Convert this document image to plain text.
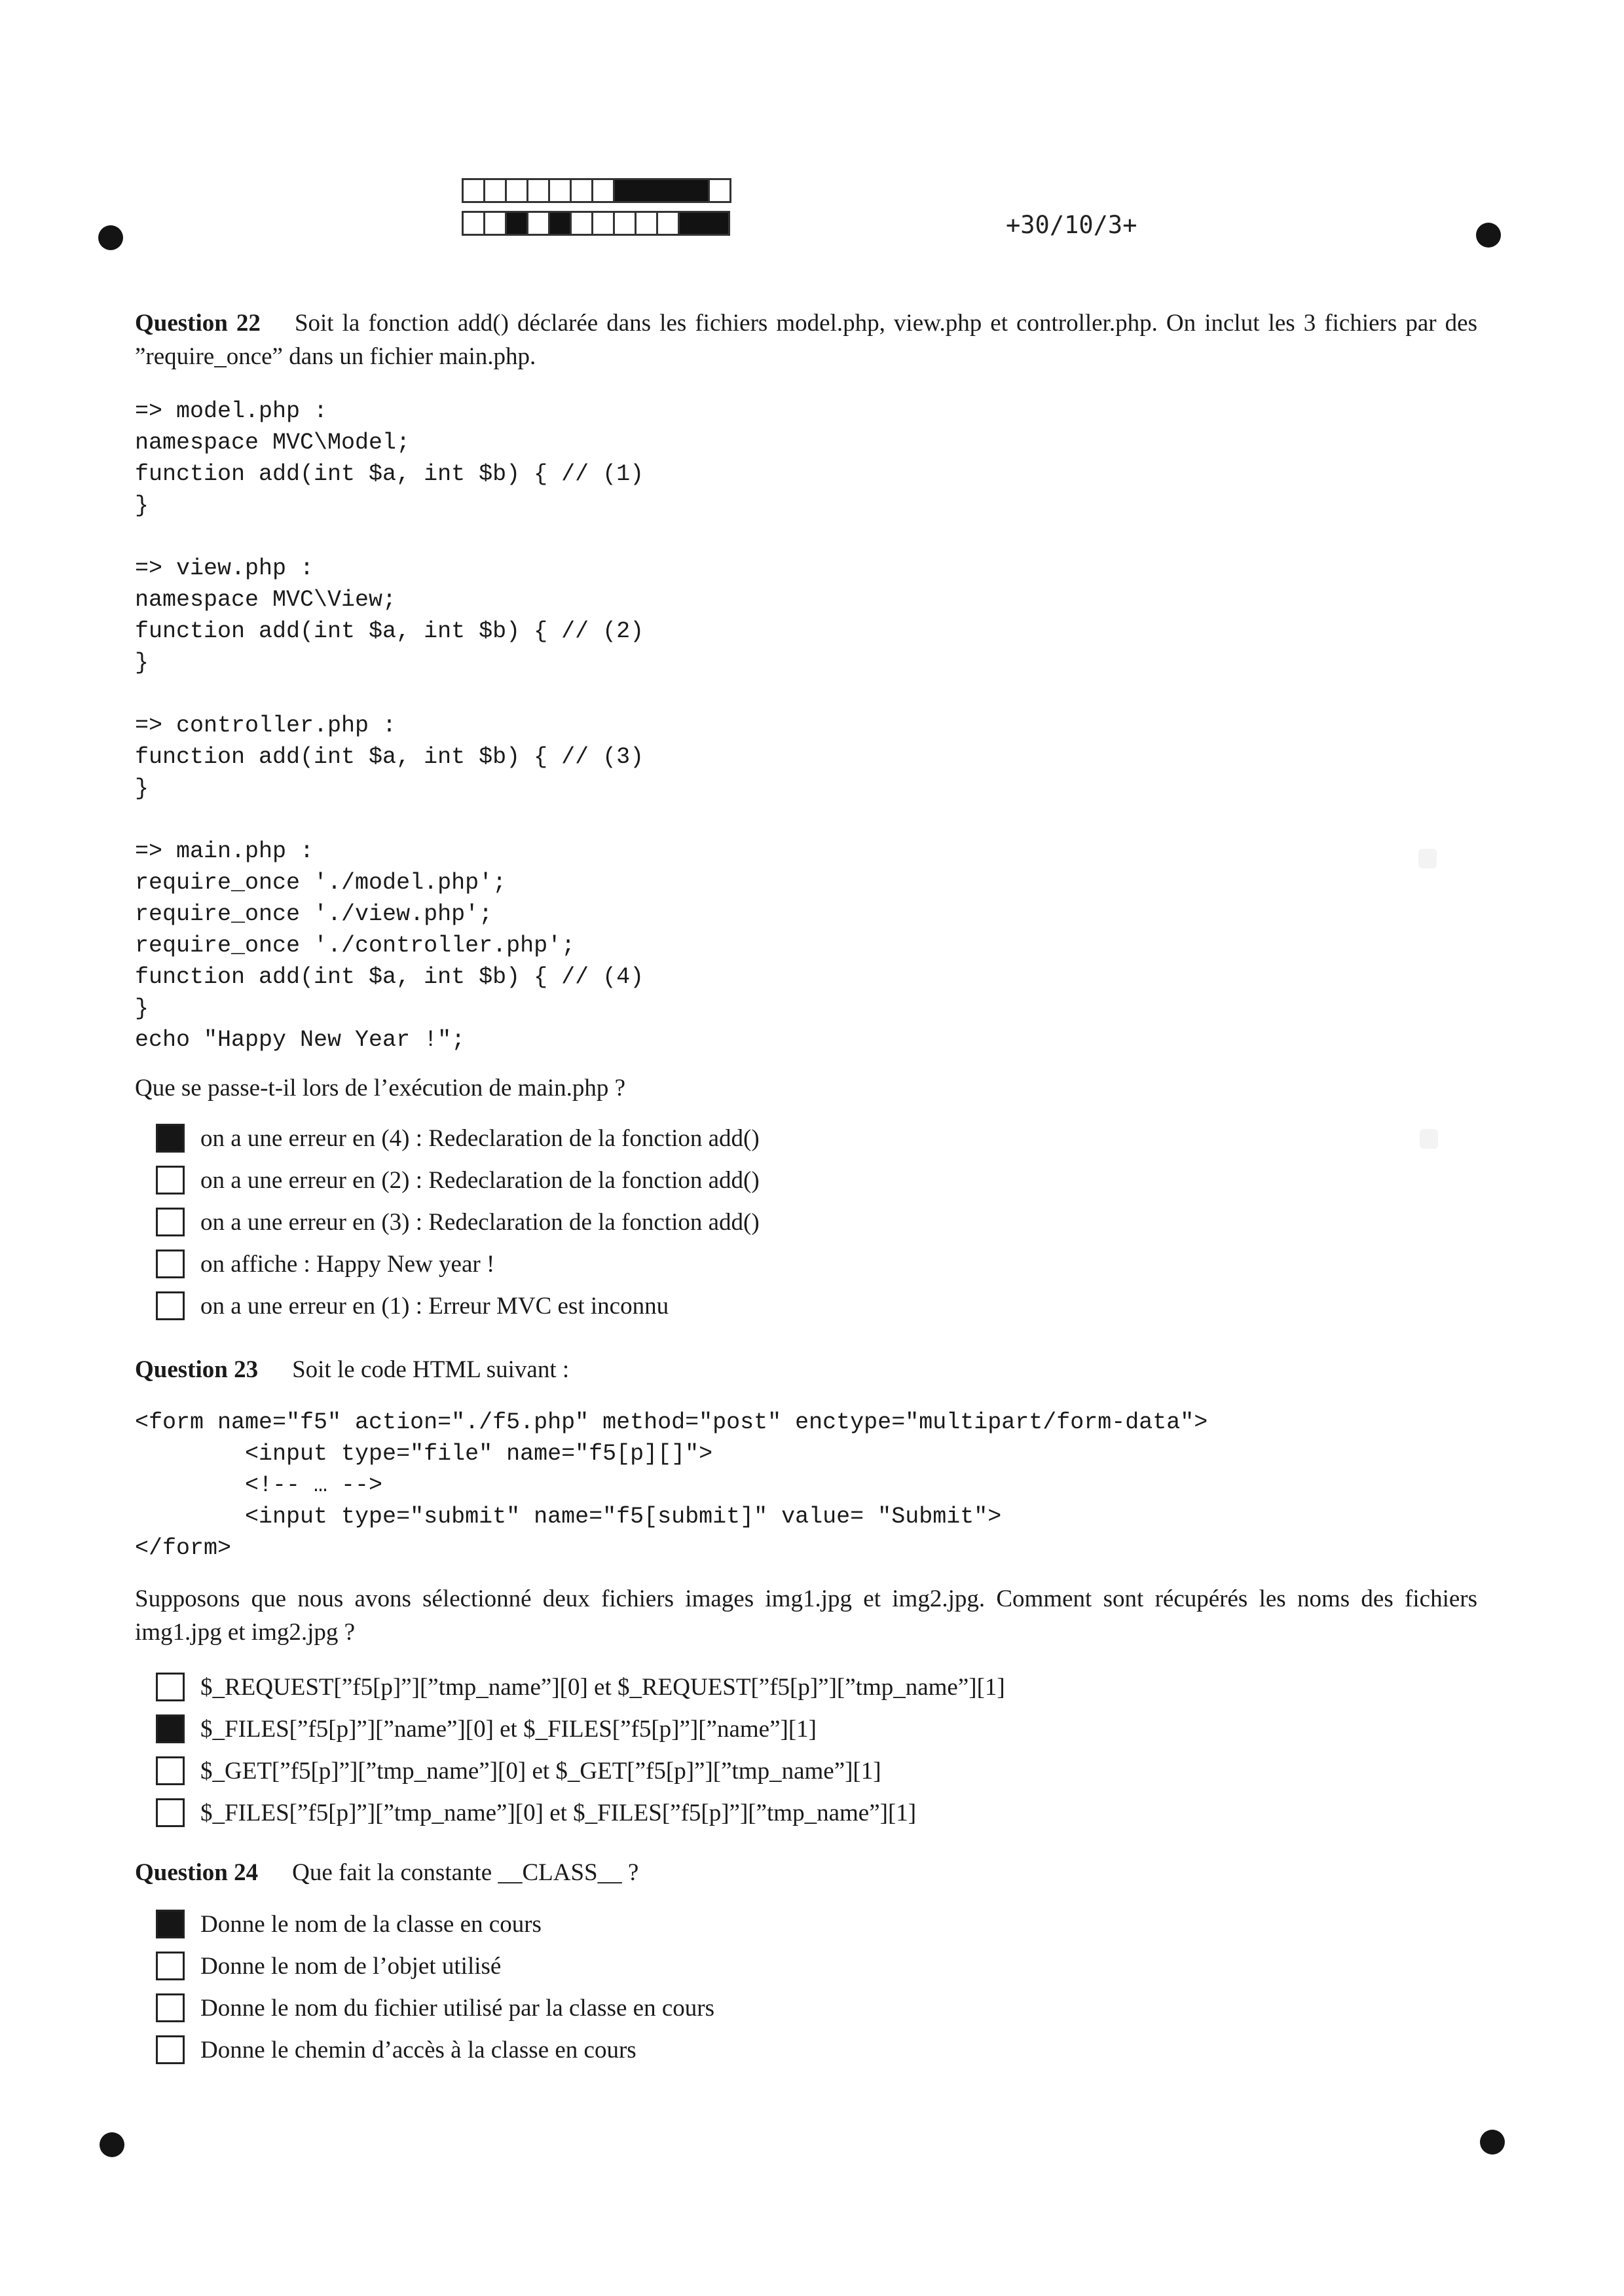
+30/10/3+
Question 22 Soit la fonction add() déclarée dans les fichiers model.php, view.php et controller.php. On inclut les 3 fichiers par des ”require_once” dans un fichier main.php.
=> model.php :
namespace MVC\Model;
function add(int $a, int $b) { // (1)
}

=> view.php :
namespace MVC\View;
function add(int $a, int $b) { // (2)
}

=> controller.php :
function add(int $a, int $b) { // (3)
}

=> main.php :
require_once './model.php';
require_once './view.php';
require_once './controller.php';
function add(int $a, int $b) { // (4)
}
echo "Happy New Year !";
Que se passe-t-il lors de l’exécution de main.php ?
on a une erreur en (4) : Redeclaration de la fonction add()
on a une erreur en (2) : Redeclaration de la fonction add()
on a une erreur en (3) : Redeclaration de la fonction add()
on affiche : Happy New year !
on a une erreur en (1) : Erreur MVC est inconnu
Question 23 Soit le code HTML suivant :
<form name="f5" action="./f5.php" method="post" enctype="multipart/form-data">
<input type="file" name="f5[p][]">
<!-- … -->
<input type="submit" name="f5[submit]" value= "Submit">
</form>
Supposons que nous avons sélectionné deux fichiers images img1.jpg et img2.jpg. Comment sont récupérés les noms des fichiers img1.jpg et img2.jpg ?
$_REQUEST[”f5[p]”][”tmp_name”][0] et $_REQUEST[”f5[p]”][”tmp_name”][1]
$_FILES[”f5[p]”][”name”][0] et $_FILES[”f5[p]”][”name”][1]
$_GET[”f5[p]”][”tmp_name”][0] et $_GET[”f5[p]”][”tmp_name”][1]
$_FILES[”f5[p]”][”tmp_name”][0] et $_FILES[”f5[p]”][”tmp_name”][1]
Question 24 Que fait la constante __CLASS__ ?
Donne le nom de la classe en cours
Donne le nom de l’objet utilisé
Donne le nom du fichier utilisé par la classe en cours
Donne le chemin d’accès à la classe en cours
